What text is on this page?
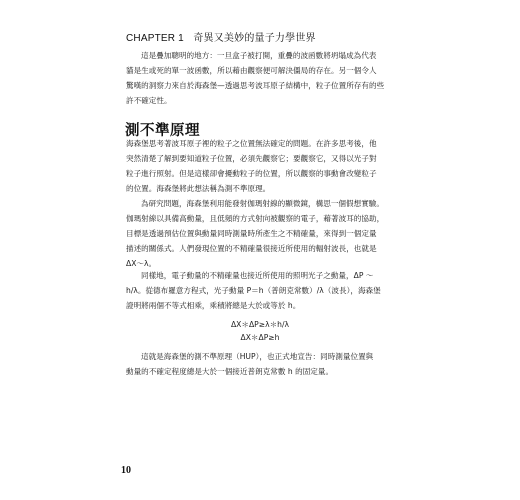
CHAPTER 1 奇異又美妙的量子力學世界
這是疊加聰明的地方：一旦盒子被打開，重疊的波函數將坍塌成為代表
貓是生或死的單一波函數，所以藉由觀察便可解決僵局的存在。另一個令人
驚嘆的洞察力來自於海森堡—透過思考波耳原子結構中，粒子位置所存有的些
許不確定性。
測不準原理
海森堡思考著波耳原子裡的粒子之位置無法確定的問題。在許多思考後，他
突然清楚了解到要知道粒子位置，必須先觀察它；要觀察它，又得以光子對
粒子進行照射。但是這樣卻會擾動粒子的位置，所以觀察的事動會改變粒子
的位置。海森堡將此想法稱為測不準原理。
為研究問題，海森堡利用能發射伽瑪射線的顯微鏡，構思一個假想實驗。
伽瑪射線以具備高動量，且低頻的方式射向被觀察的電子，藉著波耳的協助，
目標是透過預估位置與動量同時測量時所產生之不精確量，來得到一個定量
描述的關係式。人們發現位置的不精確量很接近所使用的輻射波長，也就是
ΔX～λ。
同樣地，電子動量的不精確量也接近所使用的照明光子之動量，ΔP ～
h/λ。從德布羅意方程式，光子動量 P＝h（普朗克常數）/λ（波長），海森堡
證明將兩個不等式相乘，乘積將總是大於或等於 h。
ΔX＊ΔP≥λ＊h/λ
ΔX＊ΔP≥h
這就是海森堡的測不準原理（HUP），也正式地宣告：同時測量位置與
動量的不確定程度總是大於一個接近普朗克常數 h 的固定量。
10
